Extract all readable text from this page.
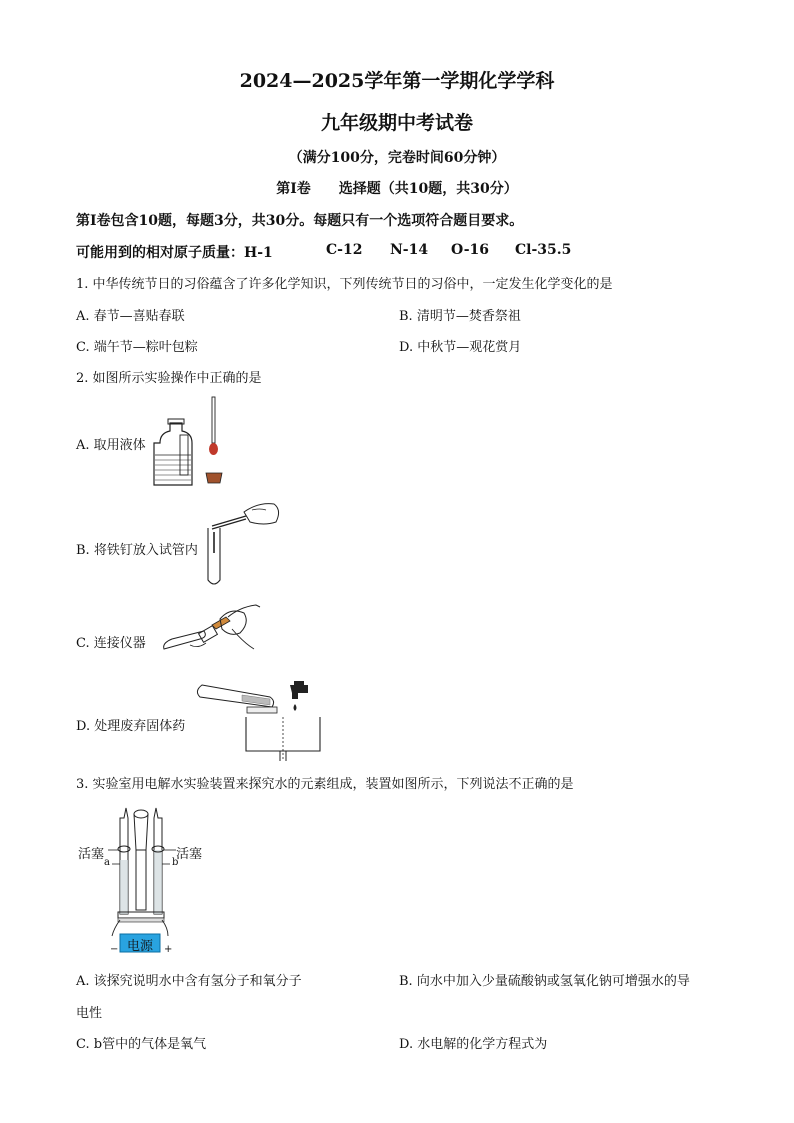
2024—2025学年第一学期化学学科
九年级期中考试卷
（满分100分，完卷时间60分钟）
第Ⅰ卷　　选择题（共10题，共30分）
第Ⅰ卷包含10题，每题3分，共30分。每题只有一个选项符合题目要求。
可能用到的相对原子质量：H-1	C-12 N-14 O-16 Cl-35.5
1. 中华传统节日的习俗蕴含了许多化学知识，下列传统节日的习俗中，一定发生化学变化的是
A. 春节—喜贴春联	B. 清明节—焚香祭祖
C. 端午节—粽叶包粽	D. 中秋节—观花赏月
2. 如图所示实验操作中正确的是
A. 取用液体
B. 将铁钉放入试管内
C. 连接仪器
D. 处理废弃固体药
3. 实验室用电解水实验装置来探究水的元素组成，装置如图所示，下列说法不正确的是
活塞	活塞
a	b
电源
−	+
A. 该探究说明水中含有氢分子和氧分子	B. 向水中加入少量硫酸钠或氢氧化钠可增强水的导
电性
C. b管中的气体是氧气	D. 水电解的化学方程式为
